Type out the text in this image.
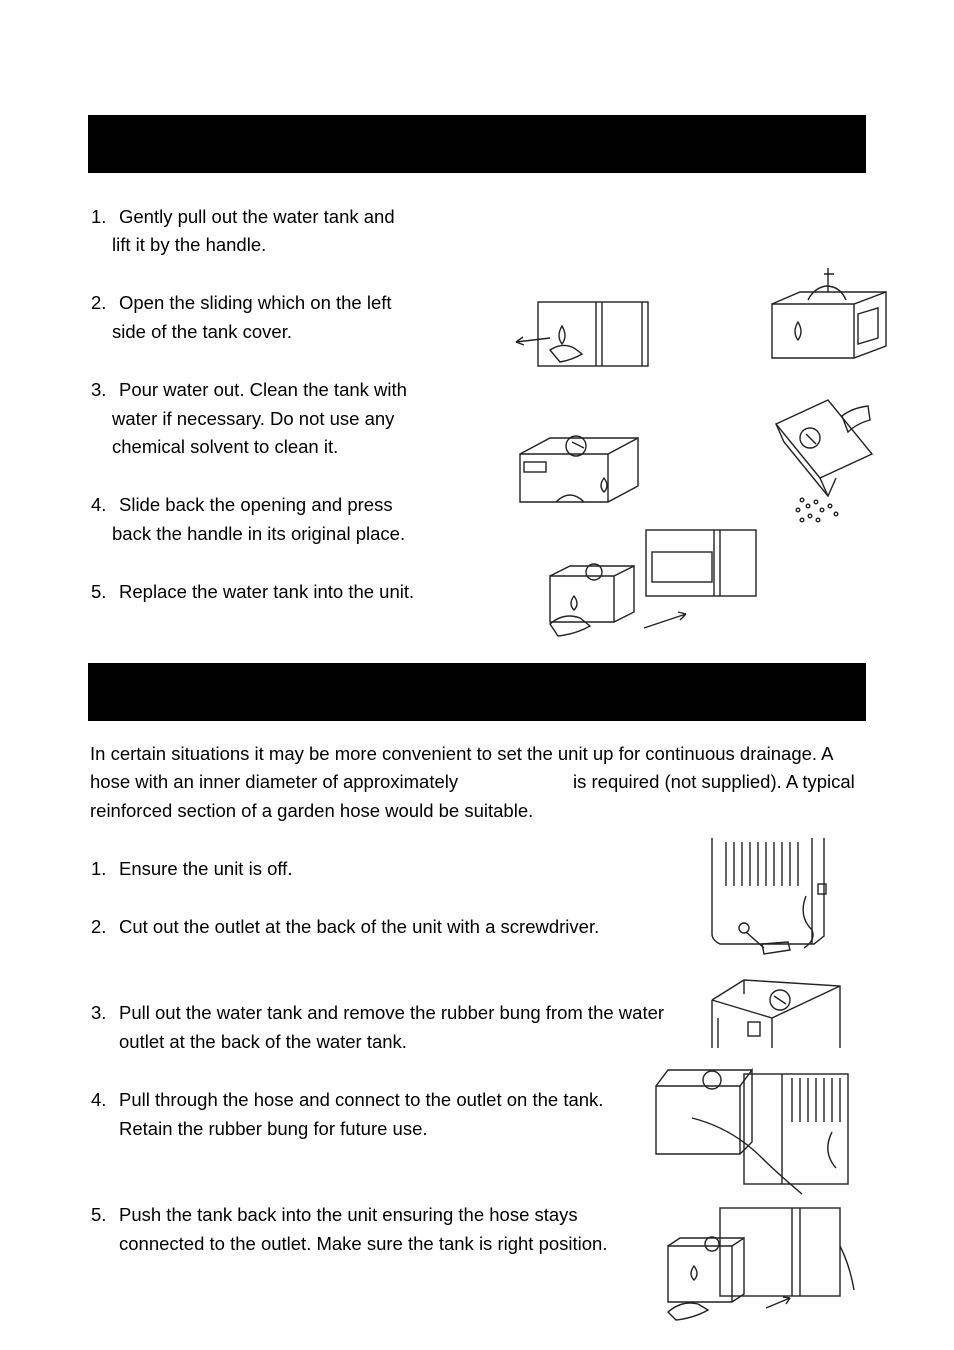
1. Gently pull out the water tank and
lift it by the handle.
2. Open the sliding which on the left
side of the tank cover.
3. Pour water out. Clean the tank with
water if necessary. Do not use any
chemical solvent to clean it.
4. Slide back the opening and press
back the handle in its original place.
5. Replace the water tank into the unit.
In certain situations it may be more convenient to set the unit up for continuous drainage. A
hose with an inner diameter of approximately	is required (not supplied). A typical
reinforced section of a garden hose would be suitable.
1. Ensure the unit is off.
2. Cut out the outlet at the back of the unit with a screwdriver.
3. Pull out the water tank and remove the rubber bung from the water
outlet at the back of the water tank.
4. Pull through the hose and connect to the outlet on the tank.
Retain the rubber bung for future use.
5. Push the tank back into the unit ensuring the hose stays
connected to the outlet. Make sure the tank is right position.
